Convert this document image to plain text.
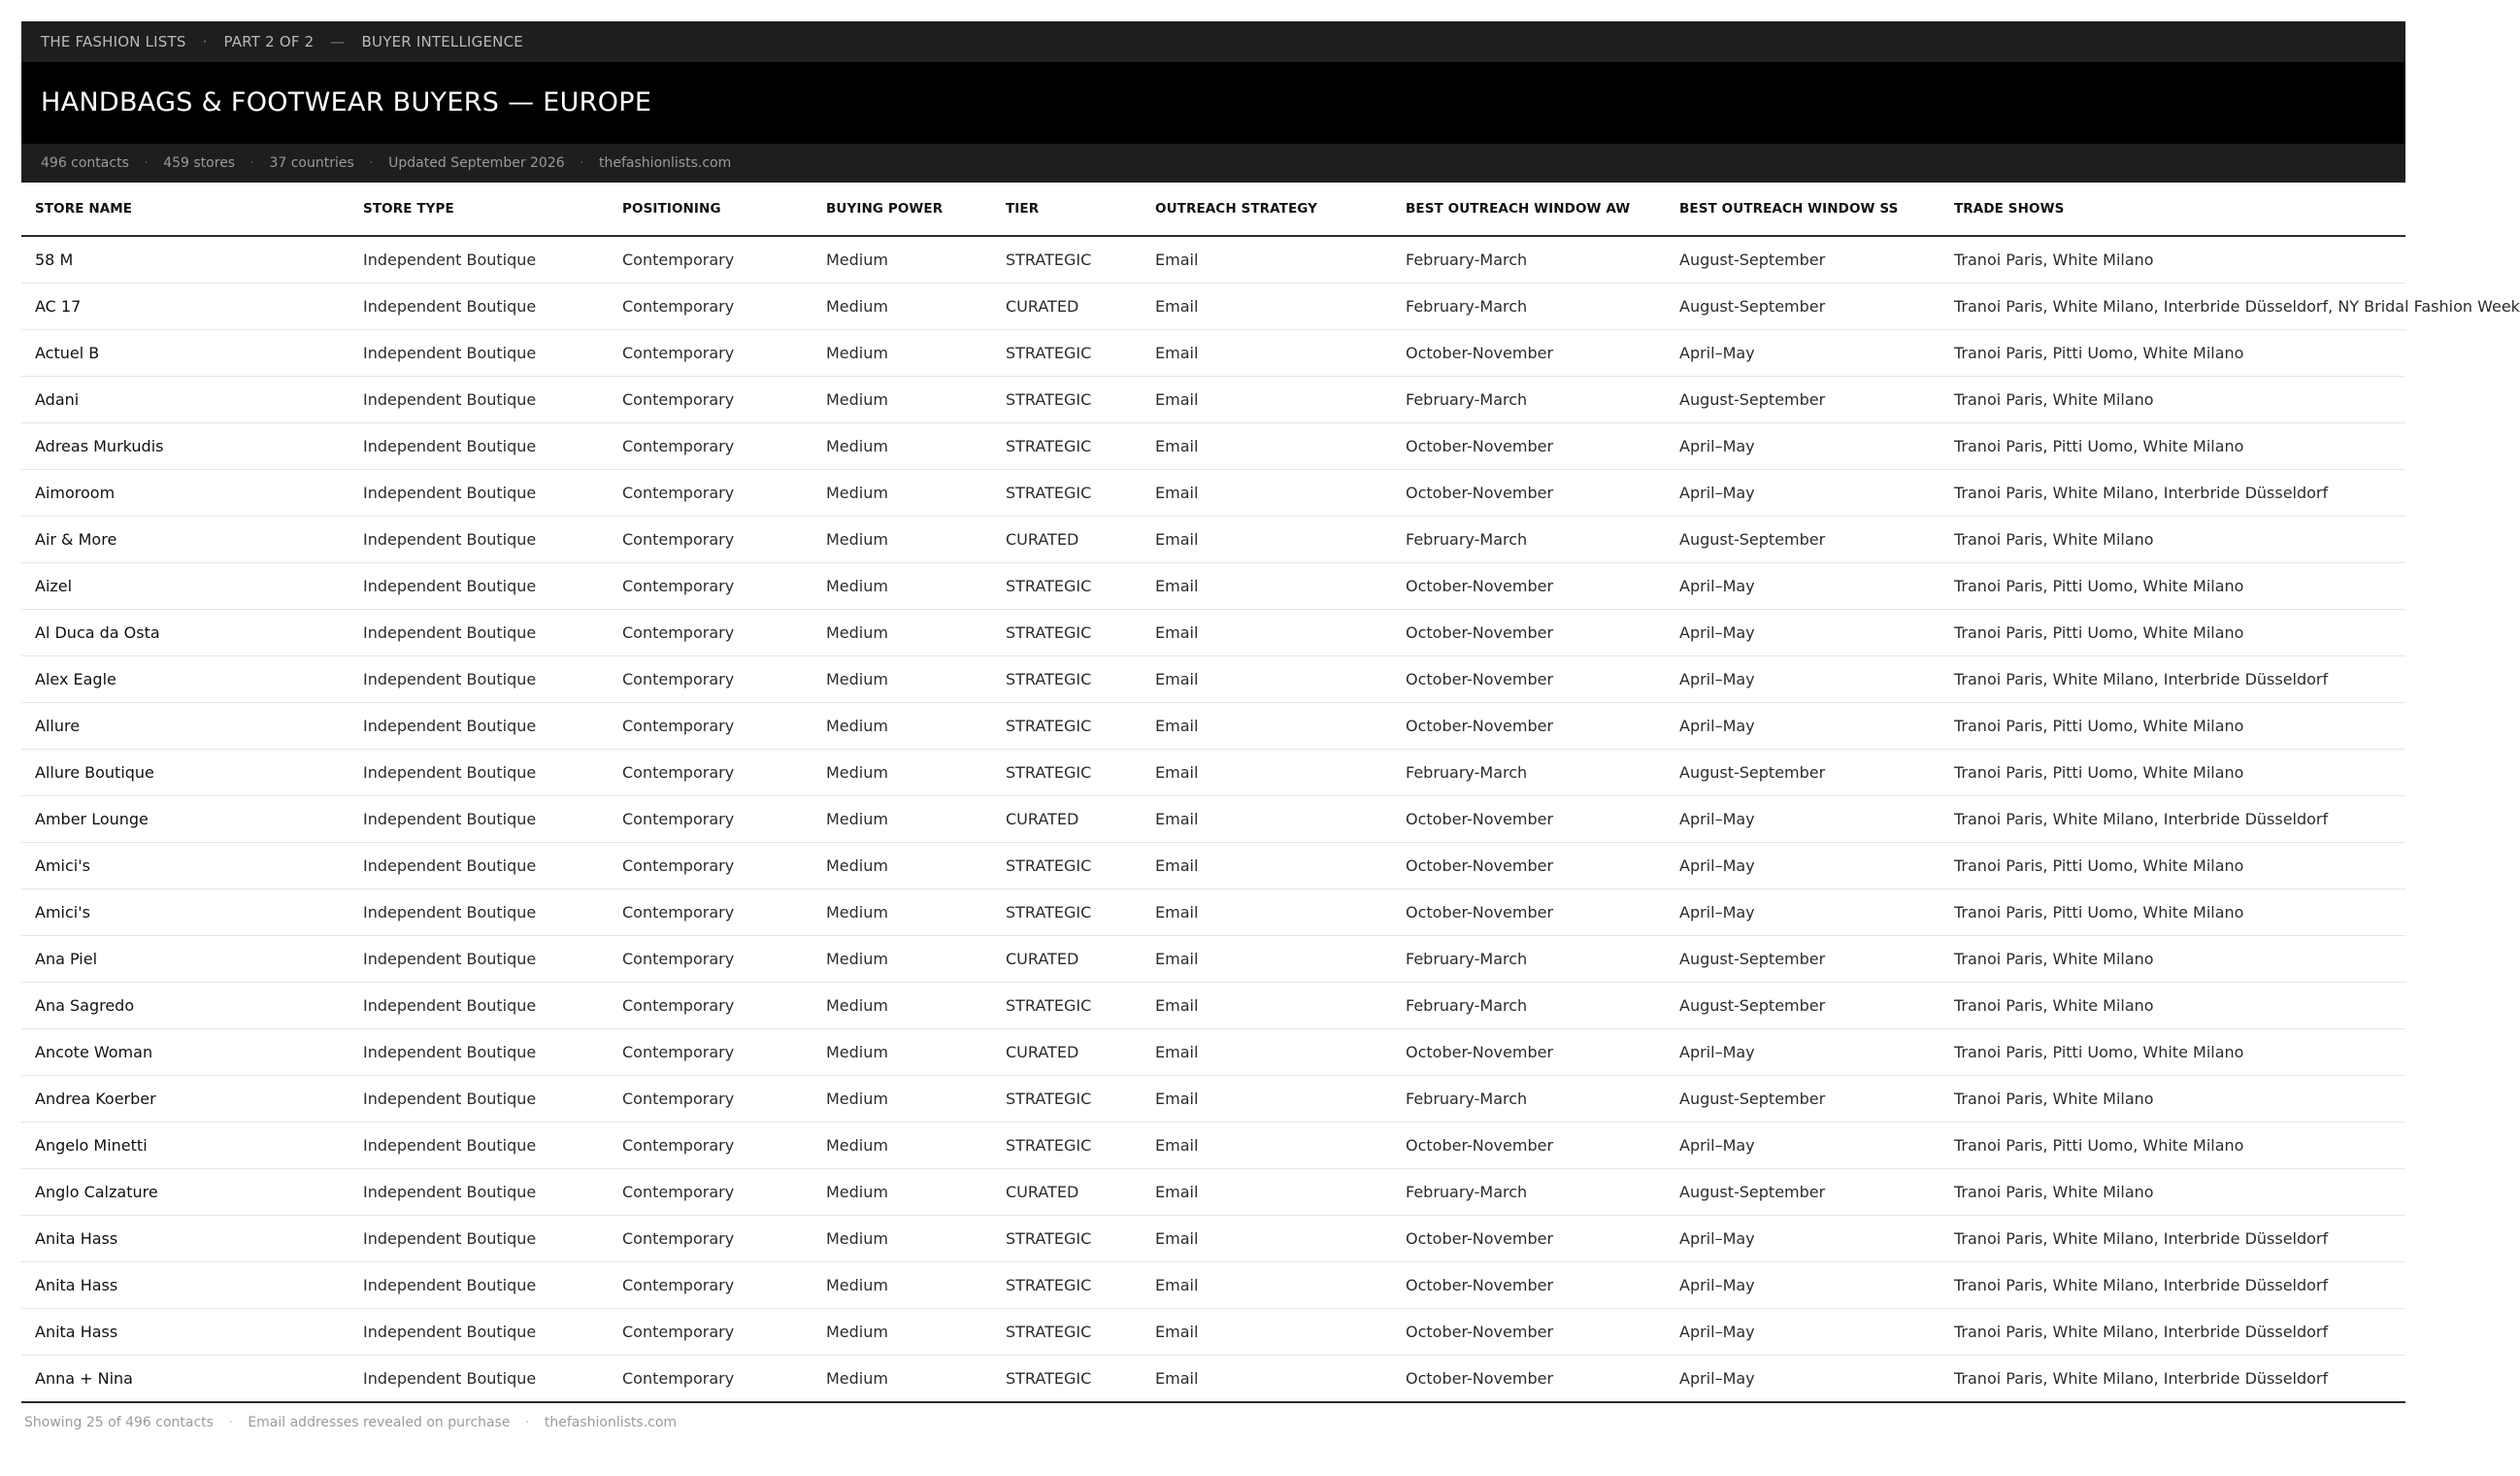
THE FASHION LISTS · PART 2 OF 2 — BUYER INTELLIGENCE
HANDBAGS & FOOTWEAR BUYERS — EUROPE
496 contacts · 459 stores · 37 countries · Updated September 2026 · thefashionlists.com
STORE NAME	STORE TYPE	POSITIONING	BUYING POWER	TIER	OUTREACH STRATEGY	BEST OUTREACH WINDOW AW	BEST OUTREACH WINDOW SS	TRADE SHOWS
58 M	Independent Boutique	Contemporary	Medium	STRATEGIC	Email	February-March	August-September	Tranoi Paris, White Milano
AC 17	Independent Boutique	Contemporary	Medium	CURATED	Email	February-March	August-September	Tranoi Paris, White Milano, Interbride Düsseldorf, NY Bridal Fashion Week
Actuel B	Independent Boutique	Contemporary	Medium	STRATEGIC	Email	October-November	April–May	Tranoi Paris, Pitti Uomo, White Milano
Adani	Independent Boutique	Contemporary	Medium	STRATEGIC	Email	February-March	August-September	Tranoi Paris, White Milano
Adreas Murkudis	Independent Boutique	Contemporary	Medium	STRATEGIC	Email	October-November	April–May	Tranoi Paris, Pitti Uomo, White Milano
Aimoroom	Independent Boutique	Contemporary	Medium	STRATEGIC	Email	October-November	April–May	Tranoi Paris, White Milano, Interbride Düsseldorf
Air & More	Independent Boutique	Contemporary	Medium	CURATED	Email	February-March	August-September	Tranoi Paris, White Milano
Aizel	Independent Boutique	Contemporary	Medium	STRATEGIC	Email	October-November	April–May	Tranoi Paris, Pitti Uomo, White Milano
Al Duca da Osta	Independent Boutique	Contemporary	Medium	STRATEGIC	Email	October-November	April–May	Tranoi Paris, Pitti Uomo, White Milano
Alex Eagle	Independent Boutique	Contemporary	Medium	STRATEGIC	Email	October-November	April–May	Tranoi Paris, White Milano, Interbride Düsseldorf
Allure	Independent Boutique	Contemporary	Medium	STRATEGIC	Email	October-November	April–May	Tranoi Paris, Pitti Uomo, White Milano
Allure Boutique	Independent Boutique	Contemporary	Medium	STRATEGIC	Email	February-March	August-September	Tranoi Paris, Pitti Uomo, White Milano
Amber Lounge	Independent Boutique	Contemporary	Medium	CURATED	Email	October-November	April–May	Tranoi Paris, White Milano, Interbride Düsseldorf
Amici's	Independent Boutique	Contemporary	Medium	STRATEGIC	Email	October-November	April–May	Tranoi Paris, Pitti Uomo, White Milano
Amici's	Independent Boutique	Contemporary	Medium	STRATEGIC	Email	October-November	April–May	Tranoi Paris, Pitti Uomo, White Milano
Ana Piel	Independent Boutique	Contemporary	Medium	CURATED	Email	February-March	August-September	Tranoi Paris, White Milano
Ana Sagredo	Independent Boutique	Contemporary	Medium	STRATEGIC	Email	February-March	August-September	Tranoi Paris, White Milano
Ancote Woman	Independent Boutique	Contemporary	Medium	CURATED	Email	October-November	April–May	Tranoi Paris, Pitti Uomo, White Milano
Andrea Koerber	Independent Boutique	Contemporary	Medium	STRATEGIC	Email	February-March	August-September	Tranoi Paris, White Milano
Angelo Minetti	Independent Boutique	Contemporary	Medium	STRATEGIC	Email	October-November	April–May	Tranoi Paris, Pitti Uomo, White Milano
Anglo Calzature	Independent Boutique	Contemporary	Medium	CURATED	Email	February-March	August-September	Tranoi Paris, White Milano
Anita Hass	Independent Boutique	Contemporary	Medium	STRATEGIC	Email	October-November	April–May	Tranoi Paris, White Milano, Interbride Düsseldorf
Anita Hass	Independent Boutique	Contemporary	Medium	STRATEGIC	Email	October-November	April–May	Tranoi Paris, White Milano, Interbride Düsseldorf
Anita Hass	Independent Boutique	Contemporary	Medium	STRATEGIC	Email	October-November	April–May	Tranoi Paris, White Milano, Interbride Düsseldorf
Anna + Nina	Independent Boutique	Contemporary	Medium	STRATEGIC	Email	October-November	April–May	Tranoi Paris, White Milano, Interbride Düsseldorf
Showing 25 of 496 contacts · Email addresses revealed on purchase · thefashionlists.com
